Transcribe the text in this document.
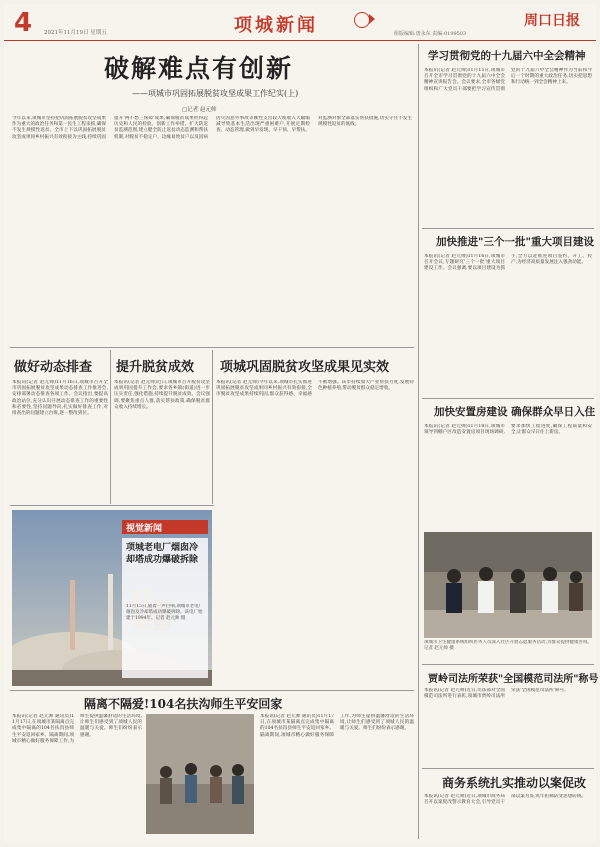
4 2021年11月19日 星期五	项城新闻	组版编辑:唐永东 责编:0199503
周口日报
破解难点有创新
——项城市巩固拓展脱贫攻坚成果工作纪实(上)
□记者 赵元帅
今年以来,项城市坚持把巩固拓展脱贫攻坚成果作为重大的政治任务和第一民生工程来抓,确保不发生规模性返贫。全市上下以巩固拓展脱贫攻坚成果同乡村振兴有效衔接为主线,持续巩固提升'两不愁三保障'成果,确保脱贫成果经得起历史和人民的检验。创新工作举措。扩大防返贫监测范围,建立健全防止返贫动态监测和帮扶机制,对脱贫不稳定户、边缘易致贫户以及因病因灾因意外事故等刚性支出较大或收入大幅缩减导致基本生活出现严重困难户,开展定期检查、动态管理,做到早发现、早干预、早帮扶。对监测对象全部落实帮扶措施,切实守住不发生规模性返贫的底线。
做好动态排查
本报讯(记者 赵元帅)11月16日,项城市召开全市巩固拓展脱贫攻坚成果动态排查工作推进会,安排部署动态排查各项工作。会议指出,要提高政治站位,充分认识开展动态排查工作的重要性和必要性,坚持问题导向,扎实做好排查工作,对排查出的问题建立台账,逐一整改到位。
提升脱贫成效
本报讯(记者 赵元帅)近日,项城市召开脱贫攻坚成果巩固提升工作会,要求各乡镇(街道)进一步压实责任,强化措施,持续提升脱贫成效。会议强调,要聚焦重点人群,落实帮扶政策,确保脱贫群众收入持续增长。
项城巩固脱贫攻坚成果见实效
本报讯(记者 赵元帅)今年以来,项城市扎实推进巩固拓展脱贫攻坚成果同乡村振兴有效衔接,全市脱贫攻坚成果持续巩固,群众获得感、幸福感不断增强。该市持续加大产业帮扶力度,发展特色种植养殖,带动脱贫群众稳定增收。
视觉新闻
项城老电厂烟囱冷却塔成功爆破拆除
11月15日,随着一声巨响,项城市老电厂烟囱及冷却塔成功爆破拆除。该电厂始建于1994年。记者 赵元帅 摄
隔离不隔爱!104名扶沟师生平安回家
本报讯(记者 赵元帅 通讯员)11月17日,在项城市某隔离点完成集中隔离的104名扶沟县师生平安返回家乡。隔离期间,项城市精心做好服务保障工作,为师生提供温馨舒适的生活环境,让师生们感受到了项城人民的温暖与关爱。师生们纷纷表示感谢。
本报讯(记者 赵元帅 通讯员)11月17日,在项城市某隔离点完成集中隔离的104名扶沟县师生平安返回家乡。隔离期间,项城市精心做好服务保障工作,为师生提供温馨舒适的生活环境,让师生们感受到了项城人民的温暖与关爱。师生们纷纷表示感谢。
学习贯彻党的十九届六中全会精神
本报讯(记者 赵元帅)11月15日,项城市召开全市学习贯彻党的十九届六中全会精神宣讲报告会。会议要求,全市各级党组织和广大党员干部要把学习宣传贯彻党的十九届六中全会精神作为当前和今后一个时期的重大政治任务,切实把思想和行动统一到全会精神上来。
加快推进"三个一批"重大项目建设
本报讯(记者 赵元帅)11月16日,项城市召开会议,专题研究'三个一批'重大项目建设工作。会议强调,要以项目建设为抓手,全力以赴推进项目签约、开工、投产,为经济高质量发展注入强劲动能。
加快安置房建设 确保群众早日入住
本报讯(记者 赵元帅)11月18日,项城市领导到棚户区改造安置房项目现场调研,要求加快工程进度,确保工程质量和安全,让群众早日住上新房。
项城市卫生健康系统组织医务人员深入社区开展志愿服务活动,为群众提供健康咨询。记者 赵元帅 摄
贾岭司法所荣获"全国模范司法所"称号
本报讯(记者 赵元帅)近日,司法部对全国模范司法所进行表彰,项城市贾岭司法所荣获'全国模范司法所'称号。
商务系统扎实推动以案促改
本报讯(记者 赵元帅)近日,项城市商务局召开以案促改警示教育大会,引导党员干部以案为鉴,筑牢拒腐防变思想防线。
